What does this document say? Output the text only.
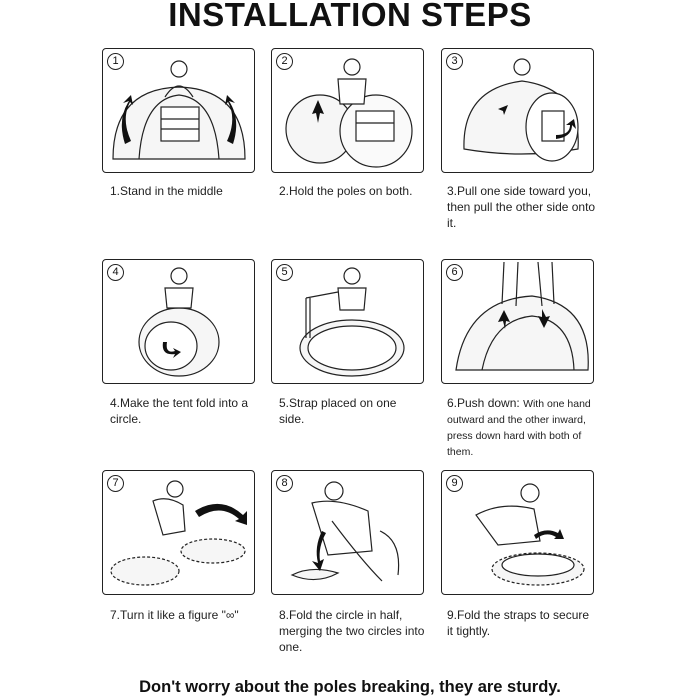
INSTALLATION STEPS
1
1.Stand in the middle
2
2.Hold the poles on both.
3
3.Pull one side toward you, then pull the other side onto it.
4
4.Make the tent fold into a circle.
5
5.Strap placed on one side.
6
6.Push down: With one hand outward and the other inward, press down hard with both of them.
7
7.Turn it like a figure "∞"
8
8.Fold the circle in half, merging the two circles into one.
9
9.Fold the straps to secure it tightly.
Don't worry about the poles breaking, they are sturdy.
